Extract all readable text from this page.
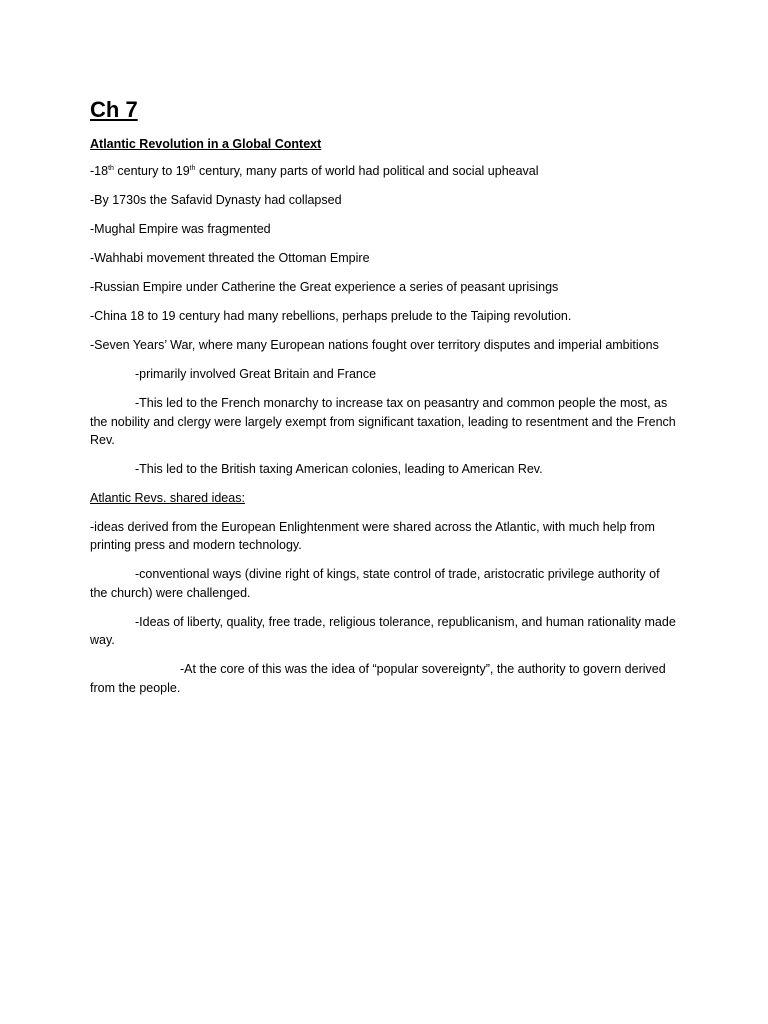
Ch 7
Atlantic Revolution in a Global Context
-18th century to 19th century, many parts of world had political and social upheaval
-By 1730s the Safavid Dynasty had collapsed
-Mughal Empire was fragmented
-Wahhabi movement threated the Ottoman Empire
-Russian Empire under Catherine the Great experience a series of peasant uprisings
-China 18 to 19 century had many rebellions, perhaps prelude to the Taiping revolution.
-Seven Years’ War, where many European nations fought over territory disputes and imperial ambitions
-primarily involved Great Britain and France
-This led to the French monarchy to increase tax on peasantry and common people the most, as the nobility and clergy were largely exempt from significant taxation, leading to resentment and the French Rev.
-This led to the British taxing American colonies, leading to American Rev.
Atlantic Revs. shared ideas:
-ideas derived from the European Enlightenment were shared across the Atlantic, with much help from printing press and modern technology.
-conventional ways (divine right of kings, state control of trade, aristocratic privilege authority of the church) were challenged.
-Ideas of liberty, quality, free trade, religious tolerance, republicanism, and human rationality made way.
-At the core of this was the idea of “popular sovereignty”, the authority to govern derived from the people.
